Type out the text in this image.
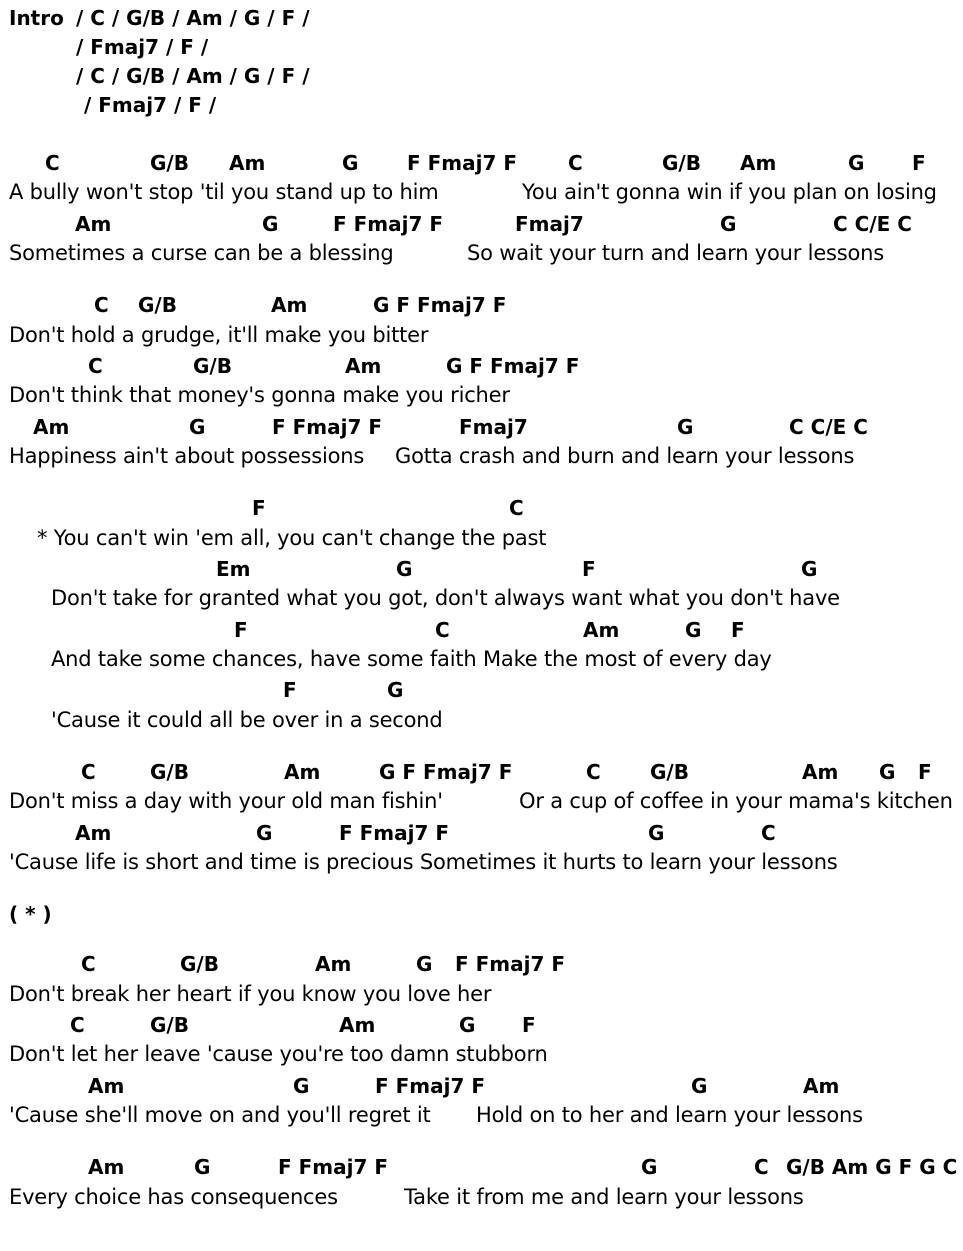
Intro / C / G/B / Am / G / F /
/ Fmaj7 / F /
/ C / G/B / Am / G / F /
/ Fmaj7 / F /
C	G/B Am	G F Fmaj7 F	C	G/B Am	G F
A bully won't stop 'til you stand up to him	You ain't gonna win if you plan on losing
Am	G	F Fmaj7 F	Fmaj7	G	C C/E C
Sometimes a curse can be a blessing	So wait your turn and learn your lessons
C G/B	Am	G F Fmaj7 F
Don't hold a grudge, it'll make you bitter
C	G/B	Am	G F Fmaj7 F
Don't think that money's gonna make you richer
Am	G	F Fmaj7 F	Fmaj7	G	C C/E C
Happiness ain't about possessions Gotta crash and burn and learn your lessons
F	C
* You can't win 'em all, you can't change the past
Em	G	F	G
Don't take for granted what you got, don't always want what you don't have
F	C	Am	G F
And take some chances, have some faith Make the most of every day
F	G
'Cause it could all be over in a second
C	G/B	Am	G F Fmaj7 F	C G/B	Am G F
Don't miss a day with your old man fishin'	Or a cup of coffee in your mama's kitchen
Am	G	F Fmaj7 F	G	C
'Cause life is short and time is precious Sometimes it hurts to learn your lessons
( * )
C	G/B	Am	G F Fmaj7 F
Don't break her heart if you know you love her
C	G/B	Am	G F
Don't let her leave 'cause you're too damn stubborn
Am	G	F Fmaj7 F	G	Am
'Cause she'll move on and you'll regret it Hold on to her and learn your lessons
Am	G	F Fmaj7 F	G	C G/B Am G F G C
Every choice has consequences	Take it from me and learn your lessons
